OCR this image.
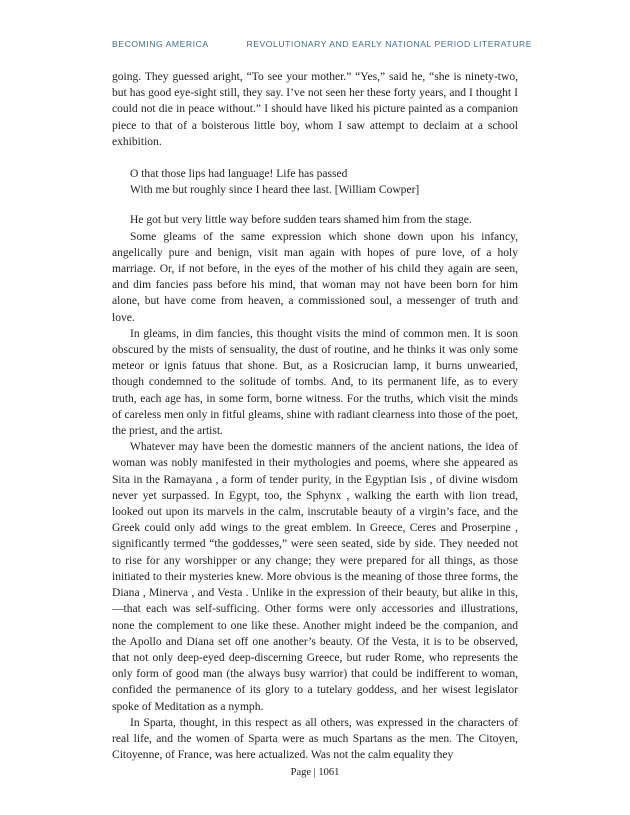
BECOMING AMERICA	REVOLUTIONARY AND EARLY NATIONAL PERIOD LITERATURE

going. They guessed aright, “To see your mother.” “Yes,” said he, “she is ninety-two, but has good eye-sight still, they say. I’ve not seen her these forty years, and I thought I could not die in peace without.” I should have liked his picture painted as a companion piece to that of a boisterous little boy, whom I saw attempt to declaim at a school exhibition.

O that those lips had language! Life has passed
With me but roughly since I heard thee last. [William Cowper]

He got but very little way before sudden tears shamed him from the stage.

Some gleams of the same expression which shone down upon his infancy, angelically pure and benign, visit man again with hopes of pure love, of a holy marriage. Or, if not before, in the eyes of the mother of his child they again are seen, and dim fancies pass before his mind, that woman may not have been born for him alone, but have come from heaven, a commissioned soul, a messenger of truth and love.

In gleams, in dim fancies, this thought visits the mind of common men. It is soon obscured by the mists of sensuality, the dust of routine, and he thinks it was only some meteor or ignis fatuus that shone. But, as a Rosicrucian lamp, it burns unwearied, though condemned to the solitude of tombs. And, to its permanent life, as to every truth, each age has, in some form, borne witness. For the truths, which visit the minds of careless men only in fitful gleams, shine with radiant clearness into those of the poet, the priest, and the artist.

Whatever may have been the domestic manners of the ancient nations, the idea of woman was nobly manifested in their mythologies and poems, where she appeared as Sita in the Ramayana , a form of tender purity, in the Egyptian Isis , of divine wisdom never yet surpassed. In Egypt, too, the Sphynx , walking the earth with lion tread, looked out upon its marvels in the calm, inscrutable beauty of a virgin’s face, and the Greek could only add wings to the great emblem. In Greece, Ceres and Proserpine , significantly termed “the goddesses,” were seen seated, side by side. They needed not to rise for any worshipper or any change; they were prepared for all things, as those initiated to their mysteries knew. More obvious is the meaning of those three forms, the Diana , Minerva , and Vesta . Unlike in the expression of their beauty, but alike in this,—that each was self-sufficing. Other forms were only accessories and illustrations, none the complement to one like these. Another might indeed be the companion, and the Apollo and Diana set off one another’s beauty. Of the Vesta, it is to be observed, that not only deep-eyed deep-discerning Greece, but ruder Rome, who represents the only form of good man (the always busy warrior) that could be indifferent to woman, confided the permanence of its glory to a tutelary goddess, and her wisest legislator spoke of Meditation as a nymph.

In Sparta, thought, in this respect as all others, was expressed in the characters of real life, and the women of Sparta were as much Spartans as the men. The Citoyen, Citoyenne, of France, was here actualized. Was not the calm equality they

Page | 1061
